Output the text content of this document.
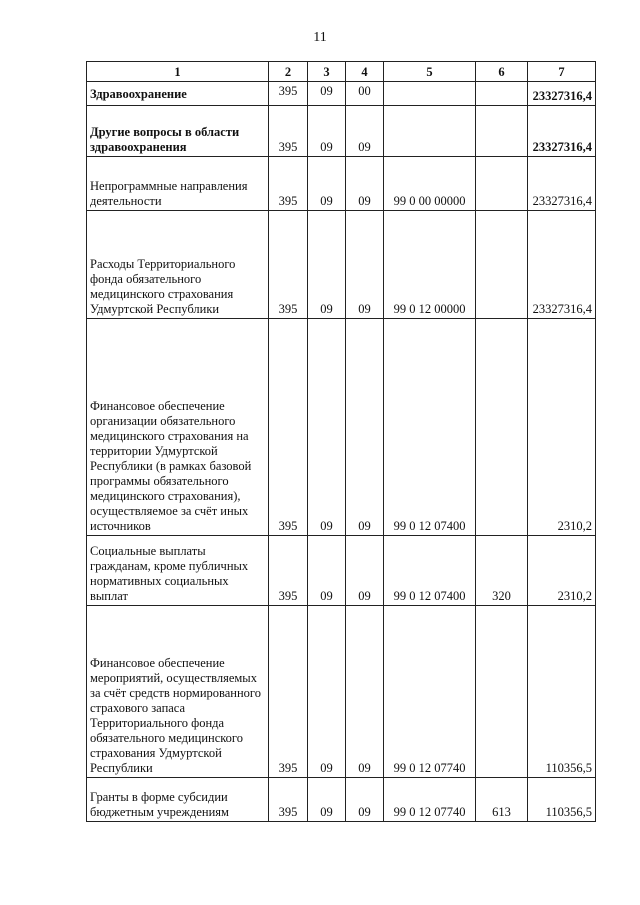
11
1	2	3	4	5	6	7
Здравоохранение	395	09	00			23327316,4
Другие вопросы в области здравоохранения	395	09	09			23327316,4
Непрограммные направления деятельности	395	09	09	99 0 00 00000		23327316,4
Расходы Территориального фонда обязательного медицинского страхования Удмуртской Республики	395	09	09	99 0 12 00000		23327316,4
Финансовое обеспечение организации обязательного медицинского страхования на территории Удмуртской Республики (в рамках базовой программы обязательного медицинского страхования), осуществляемое за счёт иных источников	395	09	09	99 0 12 07400		2310,2
Социальные выплаты гражданам, кроме публичных нормативных социальных выплат	395	09	09	99 0 12 07400	320	2310,2
Финансовое обеспечение мероприятий, осуществляемых за счёт средств нормированного страхового запаса Территориального фонда обязательного медицинского страхования Удмуртской Республики	395	09	09	99 0 12 07740		110356,5
Гранты в форме субсидии бюджетным учреждениям	395	09	09	99 0 12 07740	613	110356,5
